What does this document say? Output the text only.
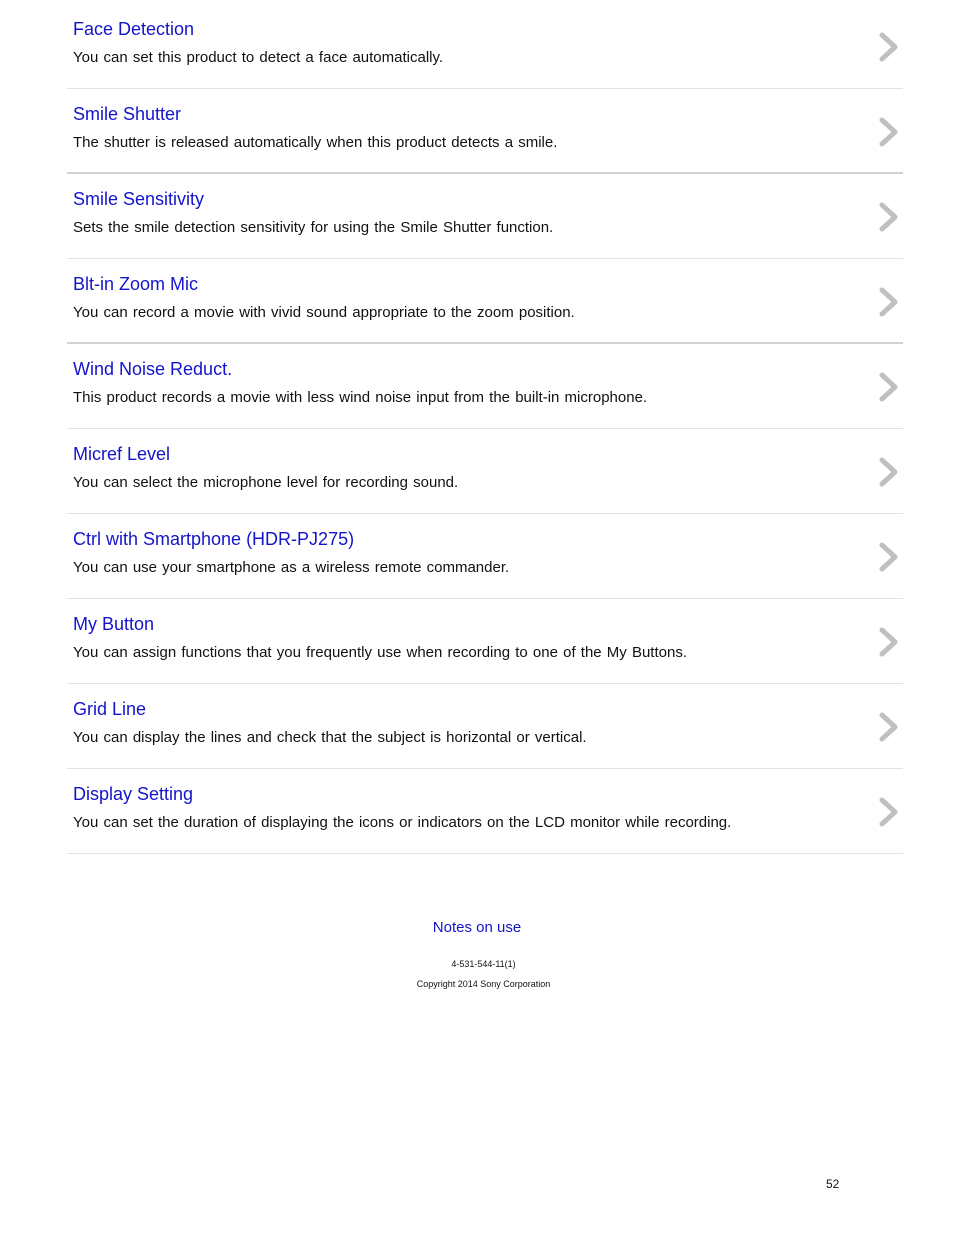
Face Detection
You can set this product to detect a face automatically.
Smile Shutter
The shutter is released automatically when this product detects a smile.
Smile Sensitivity
Sets the smile detection sensitivity for using the Smile Shutter function.
Blt-in Zoom Mic
You can record a movie with vivid sound appropriate to the zoom position.
Wind Noise Reduct.
This product records a movie with less wind noise input from the built-in microphone.
Micref Level
You can select the microphone level for recording sound.
Ctrl with Smartphone (HDR-PJ275)
You can use your smartphone as a wireless remote commander.
My Button
You can assign functions that you frequently use when recording to one of the My Buttons.
Grid Line
You can display the lines and check that the subject is horizontal or vertical.
Display Setting
You can set the duration of displaying the icons or indicators on the LCD monitor while recording.
Notes on use
4-531-544-11(1)
Copyright 2014 Sony Corporation
52
